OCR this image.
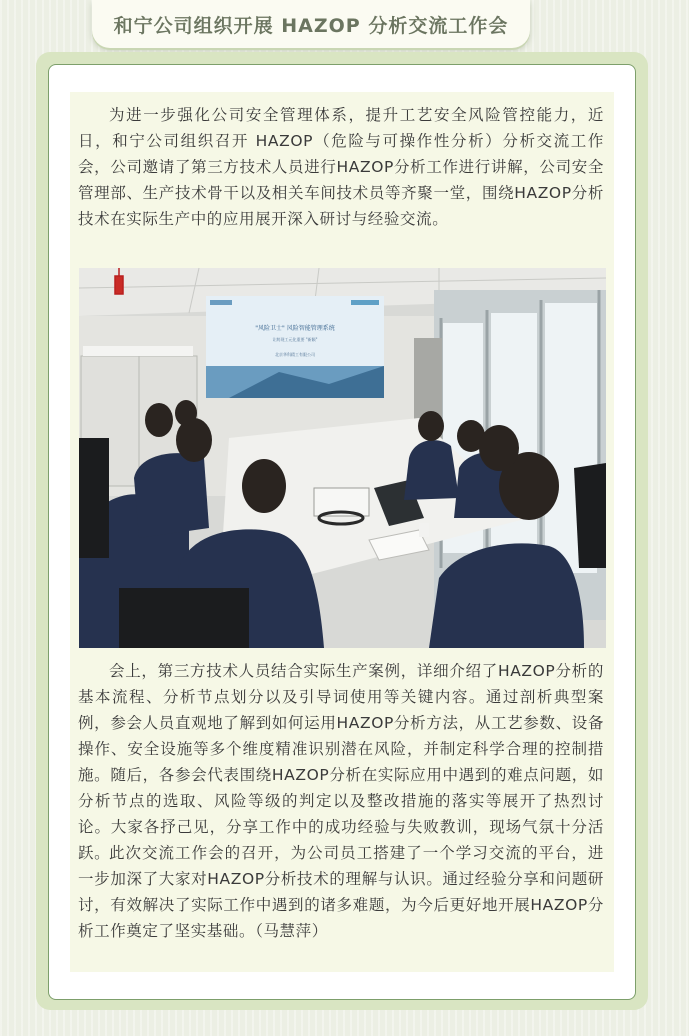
和宁公司组织开展 HAZOP 分析交流工作会

为进一步强化公司安全管理体系，提升工艺安全风险管控能力，近日，和宁公司组织召开 HAZOP（危险与可操作性分析）分析交流工作会，公司邀请了第三方技术人员进行HAZOP分析工作进行讲解，公司安全管理部、生产技术骨干以及相关车间技术员等齐聚一堂，围绕HAZOP分析技术在实际生产中的应用展开深入研讨与经验交流。

"风险卫士" 风险智能管理系统
让跨现工元化重要 "新颖"
北京华科精工有限公司

会上，第三方技术人员结合实际生产案例，详细介绍了HAZOP分析的基本流程、分析节点划分以及引导词使用等关键内容。通过剖析典型案例，参会人员直观地了解到如何运用HAZOP分析方法，从工艺参数、设备操作、安全设施等多个维度精准识别潜在风险，并制定科学合理的控制措施。随后，各参会代表围绕HAZOP分析在实际应用中遇到的难点问题，如分析节点的选取、风险等级的判定以及整改措施的落实等展开了热烈讨论。大家各抒己见，分享工作中的成功经验与失败教训，现场气氛十分活跃。

此次交流工作会的召开，为公司员工搭建了一个学习交流的平台，进一步加深了大家对HAZOP分析技术的理解与认识。通过经验分享和问题研讨，有效解决了实际工作中遇到的诸多难题，为今后更好地开展HAZOP分析工作奠定了坚实基础。（马慧萍）
